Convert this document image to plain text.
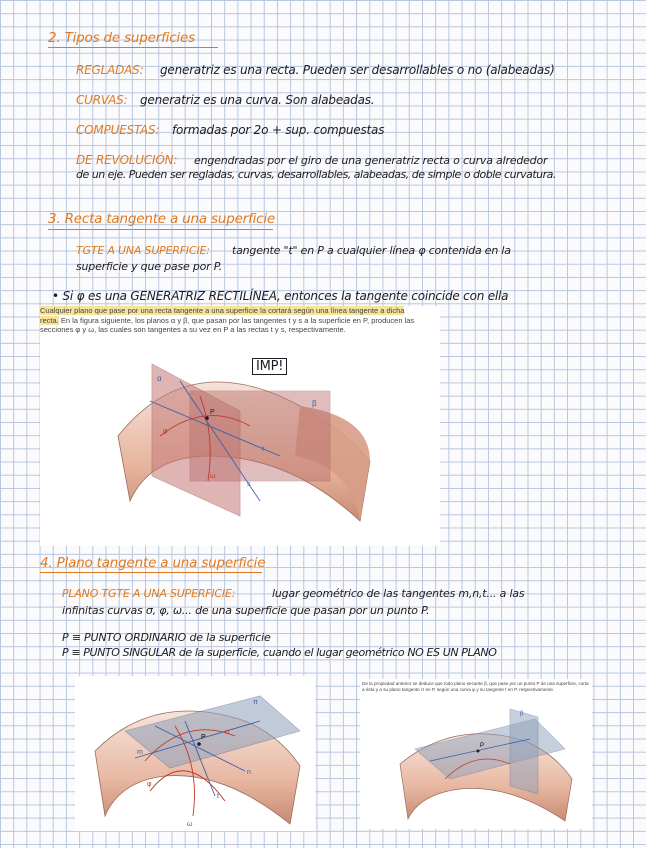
2. Tipos de superficies
REGLADAS: generatriz es una recta. Pueden ser desarrollables o no (alabeadas)
CURVAS: generatriz es una curva. Son alabeadas.
COMPUESTAS: formadas por 2o + sup. compuestas
DE REVOLUCIÓN: engendradas por el giro de una generatriz recta o curva alrededor
de un eje. Pueden ser regladas, curvas, desarrollables, alabeadas, de simple o doble curvatura.
3. Recta tangente a una superficie
TGTE A UNA SUPERFICIE: tangente "t" en P a cualquier línea φ contenida en la
superficie y que pase por P.
• Si φ es una GENERATRIZ RECTILÍNEA, entonces la tangente coincide con ella
Cualquier plano que pase por una recta tangente a una superficie la cortará según una línea tangente a dicha recta. En la figura siguiente, los planos α y β, que pasan por las tangentes t y s a la superficie en P, producen las secciones φ y ω, las cuales son tangentes a su vez en P a las rectas t y s, respectivamente.
IMP!
α
β
P
t
s
φ
ω
4. Plano tangente a una superficie
PLANO TGTE A UNA SUPERFICIE:	lugar geométrico de las tangentes m,n,t... a las
infinitas curvas σ, φ, ω... de una superficie que pasan por un punto P.
P ≡ PUNTO ORDINARIO de la superficie
P ≡ PUNTO SINGULAR de la superficie, cuando el lugar geométrico NO ES UN PLANO
P
m
n
t
φ
ω
σ
π
De la propiedad anterior se deduce que todo plano secante β, que pase por un punto P de una superficie, corta a ésta y a su plano tangente π en P, según una curva φ y su tangente t en P, respectivamente.
P
β
